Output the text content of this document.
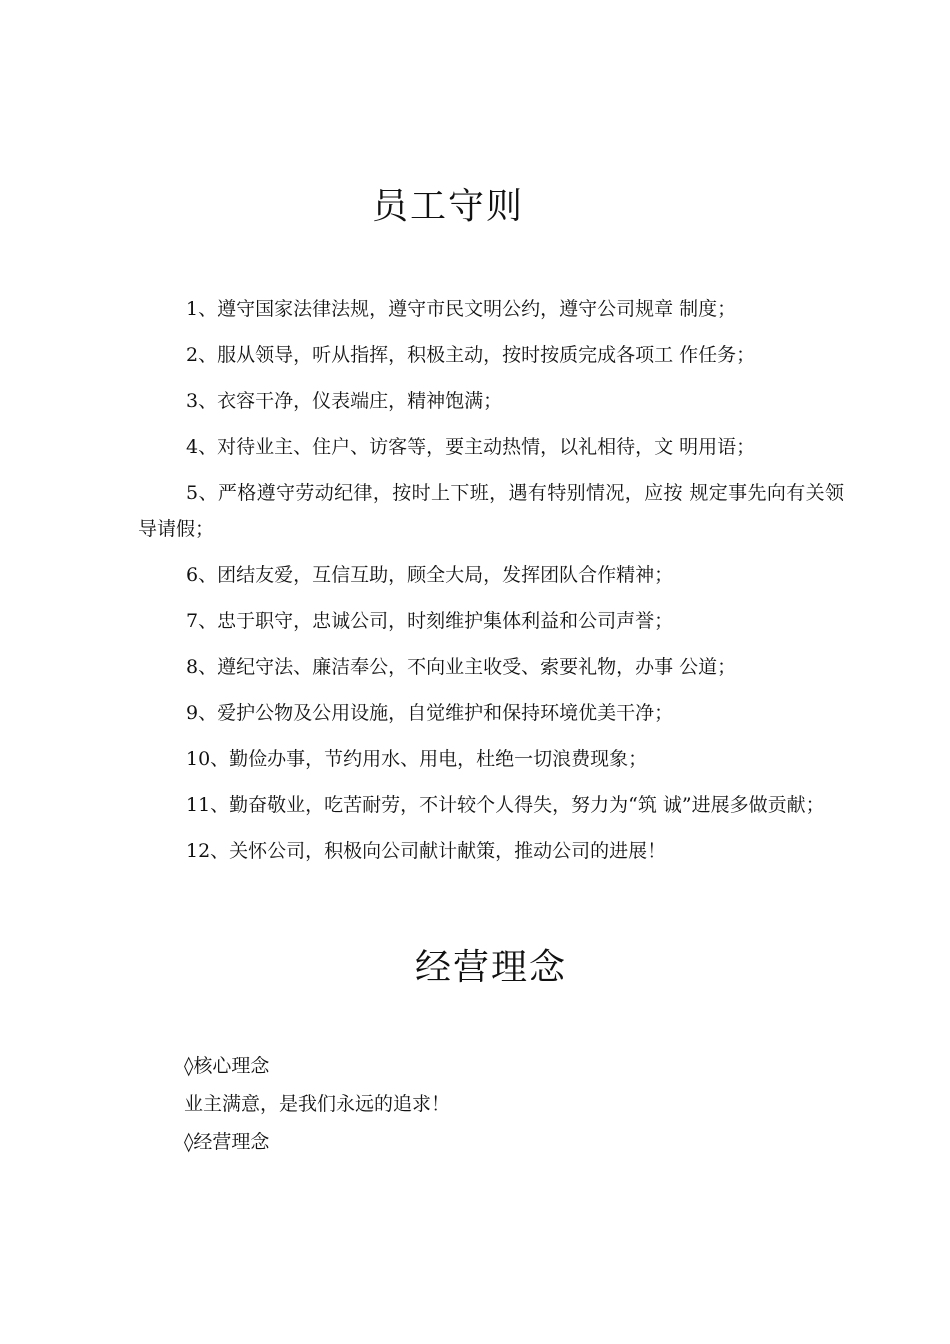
员工守则

1、遵守国家法律法规，遵守市民文明公约，遵守公司规章 制度；

2、服从领导，听从指挥，积极主动，按时按质完成各项工 作任务；

3、衣容干净，仪表端庄，精神饱满；

4、对待业主、住户、访客等，要主动热情，以礼相待，文 明用语；

5、严格遵守劳动纪律，按时上下班，遇有特别情况，应按 规定事先向有关领导请假；

6、团结友爱，互信互助，顾全大局，发挥团队合作精神；

7、忠于职守，忠诚公司，时刻维护集体利益和公司声誉；

8、遵纪守法、廉洁奉公，不向业主收受、索要礼物，办事 公道；

9、爱护公物及公用设施，自觉维护和保持环境优美干净；

10、勤俭办事，节约用水、用电，杜绝一切浪费现象；

11、勤奋敬业，吃苦耐劳，不计较个人得失，努力为“筑 诚”进展多做贡献；

12、关怀公司，积极向公司献计献策，推动公司的进展！

经营理念
◊核心理念
业主满意，是我们永远的追求！
◊经营理念
